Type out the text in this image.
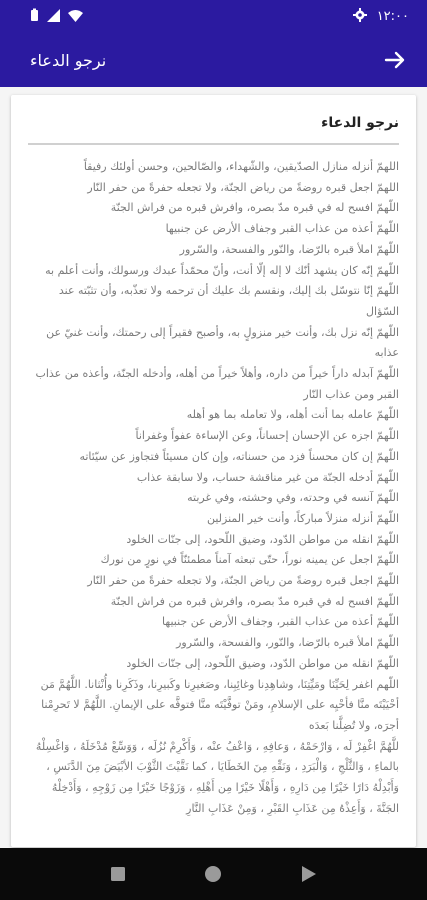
١٢:٠٠
نرجو الدعاء
نرجو الدعاء
اللهمّ أنزله منازل الصدّيقين، والشّهداء، والصّالحين، وحسن أولئك رفيقاً
اللهمّ اجعل قبره روضةً من رياض الجنّة، ولا تجعله حفرةً من حفر النّار
اللّهمّ افسح له في قبره مدّ بصره، وافرش قبره من فراش الجنّة
اللّهمّ أعذه من عذاب القبر وجفاف الأرض عن جنبيها
اللّهمّ املأ قبره بالرّضا، والنّور والفسحة، والسّرور
اللّهمّ إنّه كان يشهد أنّك لا إله إلّا أنت، وأنّ محمّداً عبدك ورسولك، وأنت أعلم به
اللّهمّ إنّا نتوسّل بك إليك، ونقسم بك عليك أن ترحمه ولا تعذّبه، وأن تثبّته عند السّؤال
اللّهمّ إنّه نزل بك، وأنت خير منزولٍ به، وأصبح فقيراً إلى رحمتك، وأنت غنيّ عن عذابه
اللّهمّ آبدله داراً خيراً من داره، وأهلاً خيراً من أهله، وأدخله الجنّة، وأعذه من عذاب القبر ومن عذاب النّار
اللّهمّ عامله بما أنت أهله، ولا تعامله بما هو أهله
اللّهمّ اجزه عن الإحسان إحساناً، وعن الإساءة عفواً وغفراناً
اللّهمّ إن كان محسناً فزد من حسناته، وإن كان مسيئاً فتجاوز عن سيّئاته
اللّهمّ أدخله الجنّة من غير مناقشة حساب، ولا سابقة عذاب
اللّهمّ آنسه في وحدته، وفي وحشته، وفي غربته
اللّهمّ أنزله منزلاً مباركاً، وأنت خير المنزلين
اللّهمّ انقله من مواطن الدّود، وضيق اللّحود، إلى جنّات الخلود
اللّهمّ اجعل عن يمينه نوراً، حتّى تبعثه آمناً مطمئنّاً في نورٍ من نورك
اللّهمّ اجعل قبره روضةً من رياض الجنّة، ولا تجعله حفرةً من حفر النّار
اللّهمّ افسح له في قبره مدّ بصره، وافرش قبره من فراش الجنّة
اللّهمّ أعذه من عذاب القبر، وجفاف الأرض عن جنبيها
اللّهمّ املأ قبره بالرّضا، والنّور، والفسحة، والسّرور
اللّهمّ انقله من مواطن الدّود، وضيق اللّحود، إلى جنّات الخلود
اللّهم اغفر لِحَيِّنَا ومَيِّتِنَا، وشاهِدِنا وغائِبِنا، وصَغيرِنا وكَبيرِنا، وذَكَرِنا وأُنْثانا. اللَّهُمَّ مَن أحْيَيْتَه منَّا فأحْيِه على الإسلامِ، ومَنْ توفَّيْتَه منَّا فتوفَّه على الإيمانِ. اللَّهُمَّ لا تَحرِمْنا أجرَه، ولا تُضِلَّنا بَعدَه
للَّهُمَّ اغْفِرْ لَه ، وَارْحَمْهُ ، وَعافِهِ ، وَاعْفُ عنْه ، وَأَكْرِمْ نُزُلَه ، وَوَسِّعْ مُدْخَلَهُ ، وَاغْسِلْهُ بالماءِ ، وَالثَّلْجِ ، وَالْبَرَدِ ، وَنَقِّهِ مِنَ الخَطَايَا ، كما نَقَّيْتَ الثَّوْبَ الأبْيَضَ مِنَ الدَّنَسِ ، وَأَبْدِلْهُ دَارًا خَيْرًا مِن دَارِهِ ، وَأَهْلًا خَيْرًا مِن أَهْلِهِ ، وَزَوْجًا خَيْرًا مِن زَوْجِهِ ، وَأَدْخِلْهُ الجَنَّةَ ، وَأَعِذْهُ مِن عَذَابِ القَبْرِ ، وَمِنْ عَذَابِ النَّارِ
